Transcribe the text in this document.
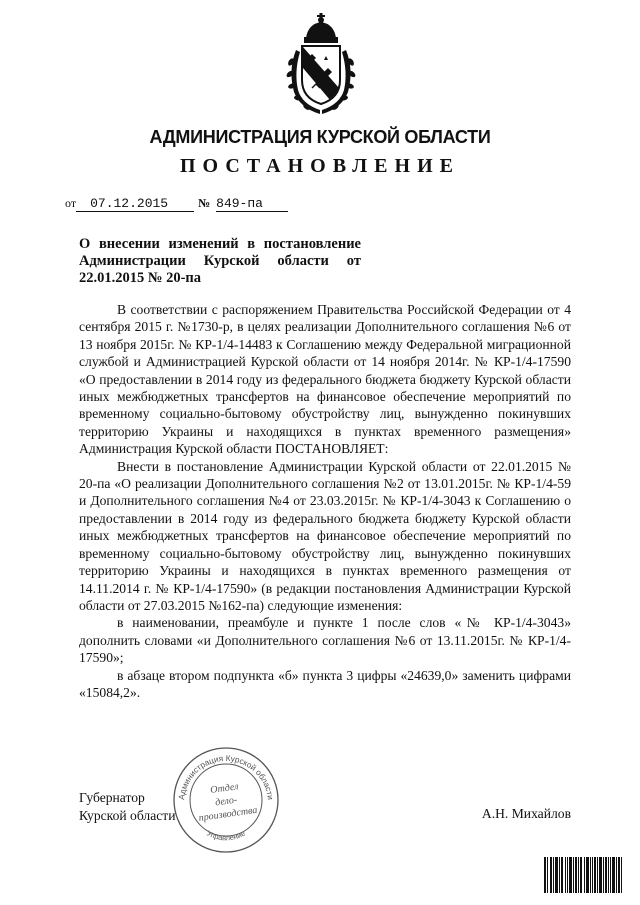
АДМИНИСТРАЦИЯ КУРСКОЙ ОБЛАСТИ
ПОСТАНОВЛЕНИЕ
от 07.12.2015 № 849-па

О внесении изменений в постановление

Администрации Курской области от

22.01.2015 № 20-па

В соответствии с распоряжением Правительства Российской Федерации от 4 сентября 2015 г. №1730-р, в целях реализации Дополнительного соглашения №6 от 13 ноября 2015г. № КР-1/4-14483 к Соглашению между Федеральной миграционной службой и Администрацией Курской области от 14 ноября 2014г. № КР-1/4-17590 «О предоставлении в 2014 году из федерального бюджета бюджету Курской области иных межбюджетных трансфертов на финансовое обеспечение мероприятий по временному социально-бытовому обустройству лиц, вынужденно покинувших территорию Украины и находящихся в пунктах временного размещения» Администрация Курской области ПОСТАНОВЛЯЕТ:

Внести в постановление Администрации Курской области от 22.01.2015 № 20-па «О реализации Дополнительного соглашения №2 от 13.01.2015г. № КР-1/4-59 и Дополнительного соглашения №4 от 23.03.2015г. № КР-1/4-3043 к Соглашению о предоставлении в 2014 году из федерального бюджета бюджету Курской области иных межбюджетных трансфертов на финансовое обеспечение мероприятий по временному социально-бытовому обустройству лиц, вынужденно покинувших территорию Украины и находящихся в пунктах временного размещения от 14.11.2014 г. № КР-1/4-17590» (в редакции постановления Администрации Курской области от 27.03.2015 №162-па) следующие изменения:

в наименовании, преамбуле и пункте 1 после слов «№ КР-1/4-3043» дополнить словами «и Дополнительного соглашения №6 от 13.11.2015г. № КР-1/4-17590»;

в абзаце втором подпункта «б» пункта 3 цифры «24639,0» заменить цифрами «15084,2».

Губернатор

Курской области

Администрация Курской области
Управление
Отдел
дело-
производства	А.Н. Михайлов
